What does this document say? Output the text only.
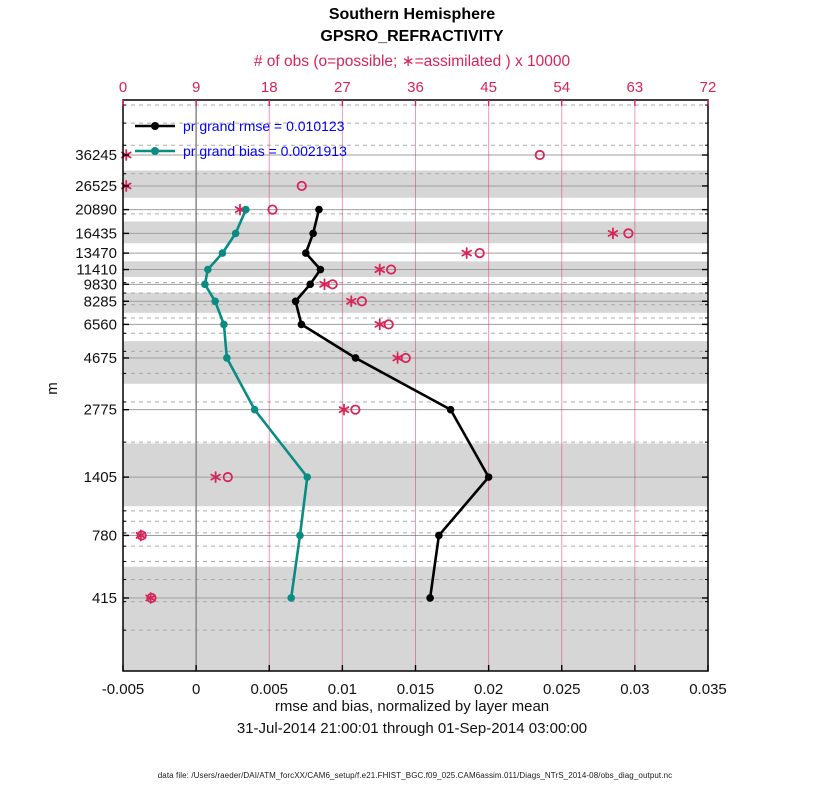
Southern Hemisphere
GPSRO_REFRACTIVITY
# of obs (o=possible; ∗=assimilated ) x 10000
0	9	18	27	36	45	54	63	72
-0.005	0	0.005	0.01	0.015	0.02	0.025	0.03	0.035
36245
26525
20890
16435
13470
11410
9830
8285
6560
4675
2775
1405
780
415
pr grand rmse = 0.010123
pr grand bias = 0.0021913
m
rmse and bias, normalized by layer mean
31-Jul-2014 21:00:01 through 01-Sep-2014 03:00:00
data file: /Users/raeder/DAI/ATM_forcXX/CAM6_setup/f.e21.FHIST_BGC.f09_025.CAM6assim.011/Diags_NTrS_2014-08/obs_diag_output.nc
